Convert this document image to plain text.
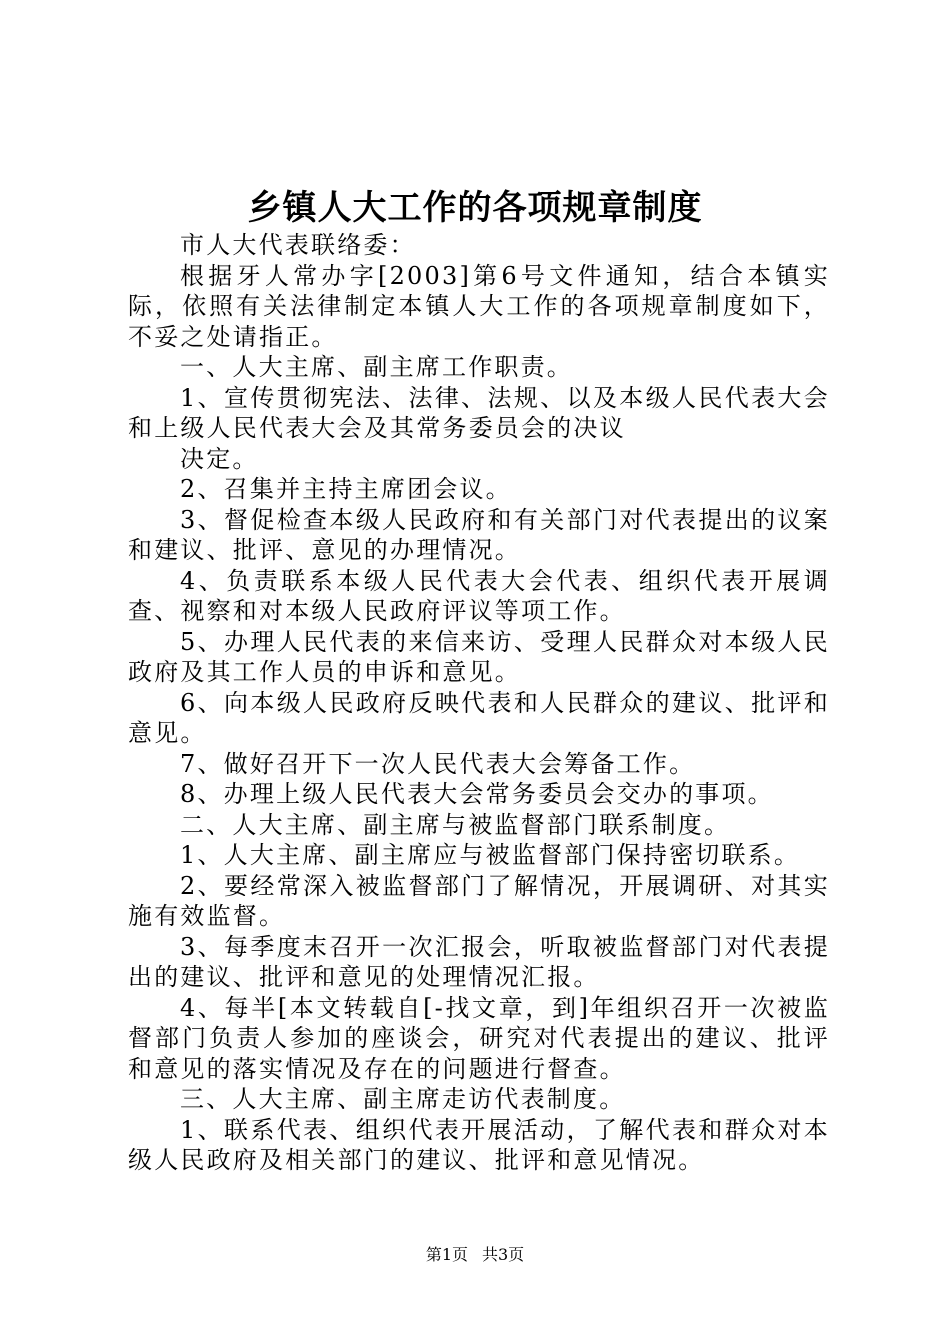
乡镇人大工作的各项规章制度

市人大代表联络委：

根据牙人常办字[2003]第6号文件通知，结合本镇实际，依照有关法律制定本镇人大工作的各项规章制度如下，不妥之处请指正。

一、人大主席、副主席工作职责。

1、宣传贯彻宪法、法律、法规、以及本级人民代表大会和上级人民代表大会及其常务委员会的决议

决定。

2、召集并主持主席团会议。

3、督促检查本级人民政府和有关部门对代表提出的议案和建议、批评、意见的办理情况。

4、负责联系本级人民代表大会代表、组织代表开展调查、视察和对本级人民政府评议等项工作。

5、办理人民代表的来信来访、受理人民群众对本级人民政府及其工作人员的申诉和意见。

6、向本级人民政府反映代表和人民群众的建议、批评和意见。

7、做好召开下一次人民代表大会筹备工作。

8、办理上级人民代表大会常务委员会交办的事项。

二、人大主席、副主席与被监督部门联系制度。

1、人大主席、副主席应与被监督部门保持密切联系。

2、要经常深入被监督部门了解情况，开展调研、对其实施有效监督。

3、每季度末召开一次汇报会，听取被监督部门对代表提出的建议、批评和意见的处理情况汇报。

4、每半[本文转载自[-找文章，到]年组织召开一次被监督部门负责人参加的座谈会，研究对代表提出的建议、批评和意见的落实情况及存在的问题进行督查。

三、人大主席、副主席走访代表制度。

1、联系代表、组织代表开展活动，了解代表和群众对本级人民政府及相关部门的建议、批评和意见情况。

第1页 共3页
